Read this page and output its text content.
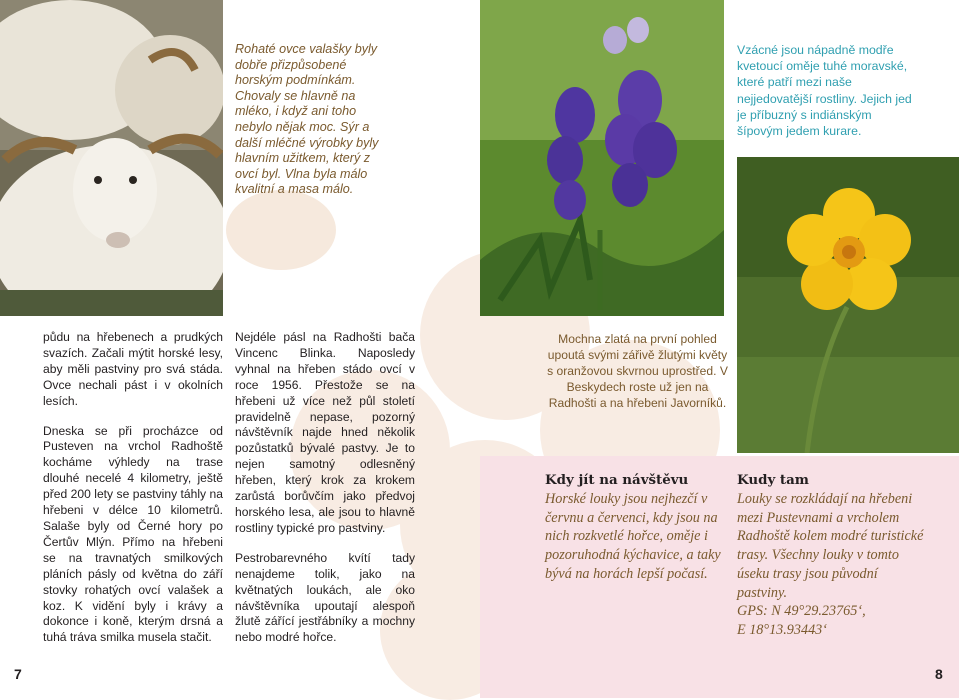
Rohaté ovce valašky byly dobře přizpůsobené horským podmínkám. Chovaly se hlavně na mléko, i když ani toho nebylo nějak moc. Sýr a další mléčné výrobky byly hlavním užitkem, který z ovcí byl. Vlna byla málo kvalitní a masa málo.

půdu na hřebenech a prudkých svazích. Začali mýtit horské lesy, aby měli pastviny pro svá stáda. Ovce nechali pást i v okolních lesích.

Dneska se při procházce od Pusteven na vrchol Radhoště kocháme výhledy na trase dlouhé necelé 4 kilometry, ještě před 200 lety se pastviny táhly na hřebeni v délce 10 kilometrů. Salaše byly od Černé hory po Čertův Mlýn. Přímo na hřebeni se na travnatých smilkových pláních pásly od května do září stovky rohatých ovcí valašek a koz. K vidění byly i krávy a dokonce i koně, kterým drsná a tuhá tráva smilka musela stačit.

Nejdéle pásl na Radhošti bača Vincenc Blinka. Naposledy vyhnal na hřeben stádo ovcí v roce 1956. Přestože se na hřebeni už více než půl století pravidelně nepase, pozorný návštěvník najde hned několik pozůstatků bývalé pastvy. Je to nejen samotný odlesněný hřeben, který krok za krokem zarůstá borůvčím jako předvoj horského lesa, ale jsou to hlavně rostliny typické pro pastviny.

Pestrobarevného kvítí tady nenajdeme tolik, jako na květnatých loukách, ale oko návštěvníka upoutají alespoň žlutě zářící jestřábníky a mochny nebo modré hořce.

7
Vzácné jsou nápadně modře kvetoucí oměje tuhé moravské, které patří mezi naše nejjedovatější rostliny. Jejich jed je příbuzný s indiánským šípovým jedem kurare.
Mochna zlatá na první pohled upoutá svými zářivě žlutými květy s oranžovou skvrnou uprostřed. V Beskydech roste už jen na Radhošti a na hřebeni Javorníků.
Kdy jít na návštěvu
Horské louky jsou nejhezčí v červnu a červenci, kdy jsou na nich rozkvetlé hořce, oměje i pozoruhodná kýchavice, a taky bývá na horách lepší počasí.
Kudy tam
Louky se rozkládají na hřebeni mezi Pustevnami a vrcholem Radhoště kolem modré turistické trasy. Všechny louky v tomto úseku trasy jsou původní pastviny.
GPS: N 49°29.23765‘, E 18°13.93443‘
8
